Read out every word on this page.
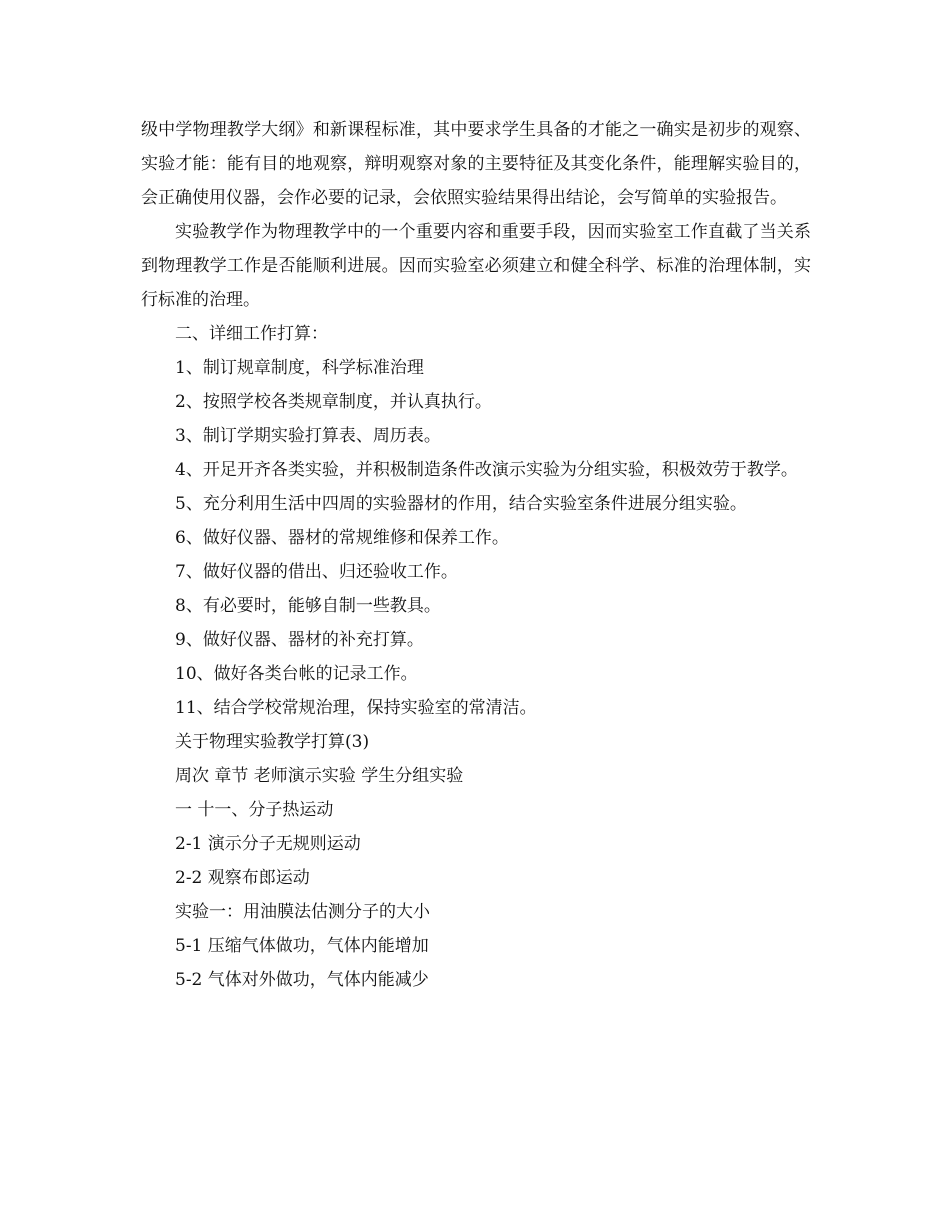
级中学物理教学大纲》和新课程标准，其中要求学生具备的才能之一确实是初步的观察、实验才能：能有目的地观察，辩明观察对象的主要特征及其变化条件，能理解实验目的，会正确使用仪器，会作必要的记录，会依照实验结果得出结论，会写简单的实验报告。

实验教学作为物理教学中的一个重要内容和重要手段，因而实验室工作直截了当关系到物理教学工作是否能顺利进展。因而实验室必须建立和健全科学、标准的治理体制，实行标准的治理。

二、详细工作打算：

1、制订规章制度，科学标准治理

2、按照学校各类规章制度，并认真执行。

3、制订学期实验打算表、周历表。

4、开足开齐各类实验，并积极制造条件改演示实验为分组实验，积极效劳于教学。

5、充分利用生活中四周的实验器材的作用，结合实验室条件进展分组实验。

6、做好仪器、器材的常规维修和保养工作。

7、做好仪器的借出、归还验收工作。

8、有必要时，能够自制一些教具。

9、做好仪器、器材的补充打算。

10、做好各类台帐的记录工作。

11、结合学校常规治理，保持实验室的常清洁。

关于物理实验教学打算(3)

周次 章节 老师演示实验 学生分组实验

一 十一、分子热运动

2-1 演示分子无规则运动

2-2 观察布郎运动

实验一：用油膜法估测分子的大小

5-1 压缩气体做功，气体内能增加

5-2 气体对外做功，气体内能减少
